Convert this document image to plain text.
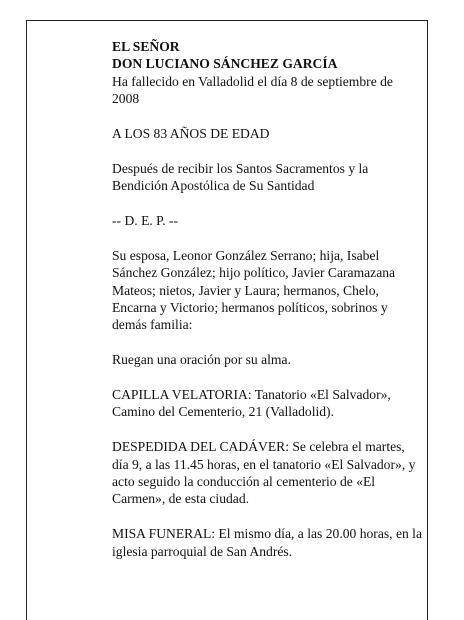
EL SEÑOR
DON LUCIANO SÁNCHEZ GARCÍA
Ha fallecido en Valladolid el día 8 de septiembre de 2008

A LOS 83 AÑOS DE EDAD

Después de recibir los Santos Sacramentos y la Bendición Apostólica de Su Santidad

-- D. E. P. --

Su esposa, Leonor González Serrano; hija, Isabel Sánchez González; hijo político, Javier Caramazana Mateos; nietos, Javier y Laura; hermanos, Chelo, Encarna y Victorio; hermanos políticos, sobrinos y demás familia:

Ruegan una oración por su alma.

CAPILLA VELATORIA: Tanatorio «El Salvador», Camino del Cementerio, 21 (Valladolid).

DESPEDIDA DEL CADÁVER: Se celebra el martes, día 9, a las 11.45 horas, en el tanatorio «El Salvador», y acto seguido la conducción al cementerio de «El Carmen», de esta ciudad.

MISA FUNERAL: El mismo día, a las 20.00 horas, en la iglesia parroquial de San Andrés.
